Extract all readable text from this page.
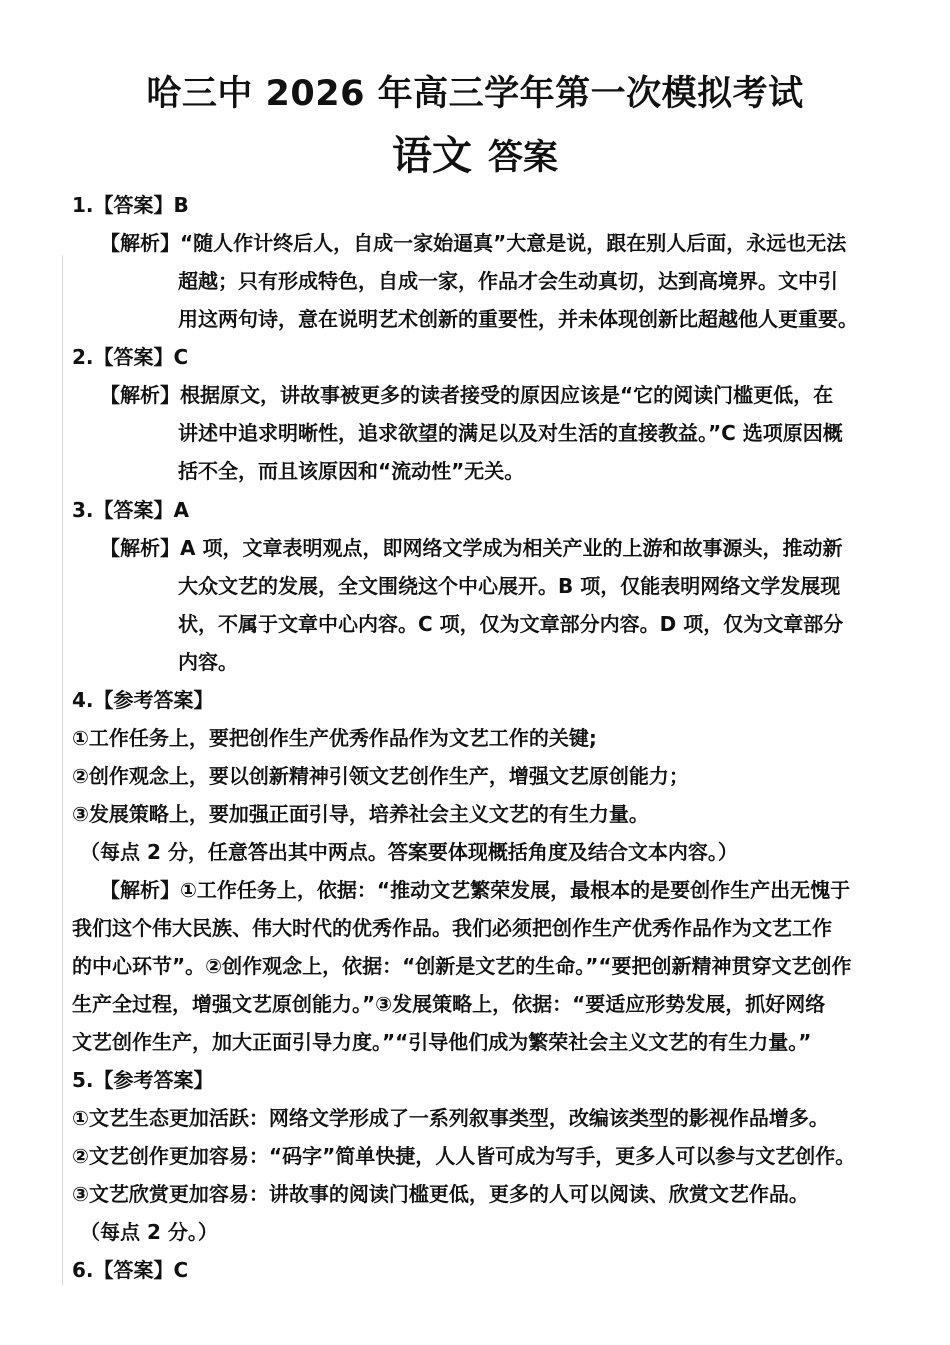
哈三中 2026 年高三学年第一次模拟考试
语文 答案
1.【答案】B
【解析】“随人作计终后人，自成一家始逼真”大意是说，跟在别人后面，永远也无法
超越；只有形成特色，自成一家，作品才会生动真切，达到高境界。文中引
用这两句诗，意在说明艺术创新的重要性，并未体现创新比超越他人更重要。
2.【答案】C
【解析】根据原文，讲故事被更多的读者接受的原因应该是“它的阅读门槛更低，在
讲述中追求明晰性，追求欲望的满足以及对生活的直接教益。”C 选项原因概
括不全，而且该原因和“流动性”无关。
3.【答案】A
【解析】A 项，文章表明观点，即网络文学成为相关产业的上游和故事源头，推动新
大众文艺的发展，全文围绕这个中心展开。B 项，仅能表明网络文学发展现
状，不属于文章中心内容。C 项，仅为文章部分内容。D 项，仅为文章部分
内容。
4.【参考答案】
①工作任务上，要把创作生产优秀作品作为文艺工作的关键;
②创作观念上，要以创新精神引领文艺创作生产，增强文艺原创能力；
③发展策略上，要加强正面引导，培养社会主义文艺的有生力量。
（每点 2 分，任意答出其中两点。答案要体现概括角度及结合文本内容。）
【解析】①工作任务上，依据：“推动文艺繁荣发展，最根本的是要创作生产出无愧于
我们这个伟大民族、伟大时代的优秀作品。我们必须把创作生产优秀作品作为文艺工作
的中心环节”。②创作观念上，依据：“创新是文艺的生命。”“要把创新精神贯穿文艺创作
生产全过程，增强文艺原创能力。”③发展策略上，依据：“要适应形势发展，抓好网络
文艺创作生产，加大正面引导力度。”“引导他们成为繁荣社会主义文艺的有生力量。”
5.【参考答案】
①文艺生态更加活跃：网络文学形成了一系列叙事类型，改编该类型的影视作品增多。
②文艺创作更加容易：“码字”简单快捷，人人皆可成为写手，更多人可以参与文艺创作。
③文艺欣赏更加容易：讲故事的阅读门槛更低，更多的人可以阅读、欣赏文艺作品。
（每点 2 分。）
6.【答案】C
